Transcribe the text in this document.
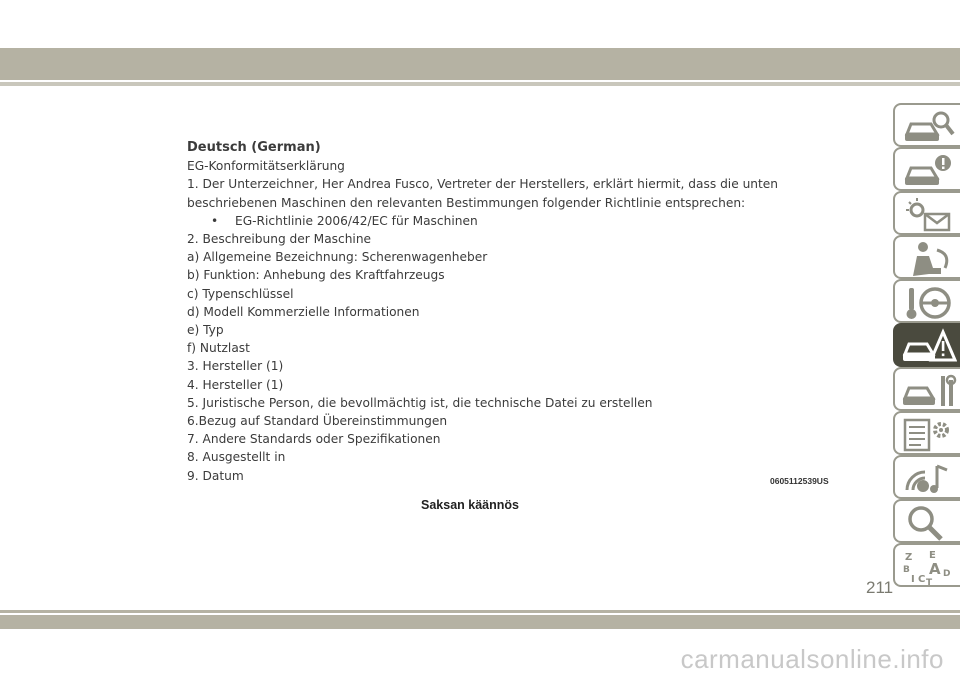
Deutsch (German)
EG-Konformitätserklärung
1. Der Unterzeichner, Her Andrea Fusco, Vertreter der Herstellers, erklärt hiermit, dass die unten
beschriebenen Maschinen den relevanten Bestimmungen folgender Richtlinie entsprechen:
• EG-Richtlinie 2006/42/EC für Maschinen
2. Beschreibung der Maschine
a) Allgemeine Bezeichnung: Scherenwagenheber
b) Funktion: Anhebung des Kraftfahrzeugs
c) Typenschlüssel
d) Modell Kommerzielle Informationen
e) Typ
f) Nutzlast
3. Hersteller (1)
4. Hersteller (1)
5. Juristische Person, die bevollmächtig ist, die technische Datei zu erstellen
6.Bezug auf Standard Übereinstimmungen
7. Andere Standards oder Spezifikationen
8. Ausgestellt in
9. Datum	0605112539US
Saksan käännös
Z E
B A D
I C T
211
carmanualsonline.info
